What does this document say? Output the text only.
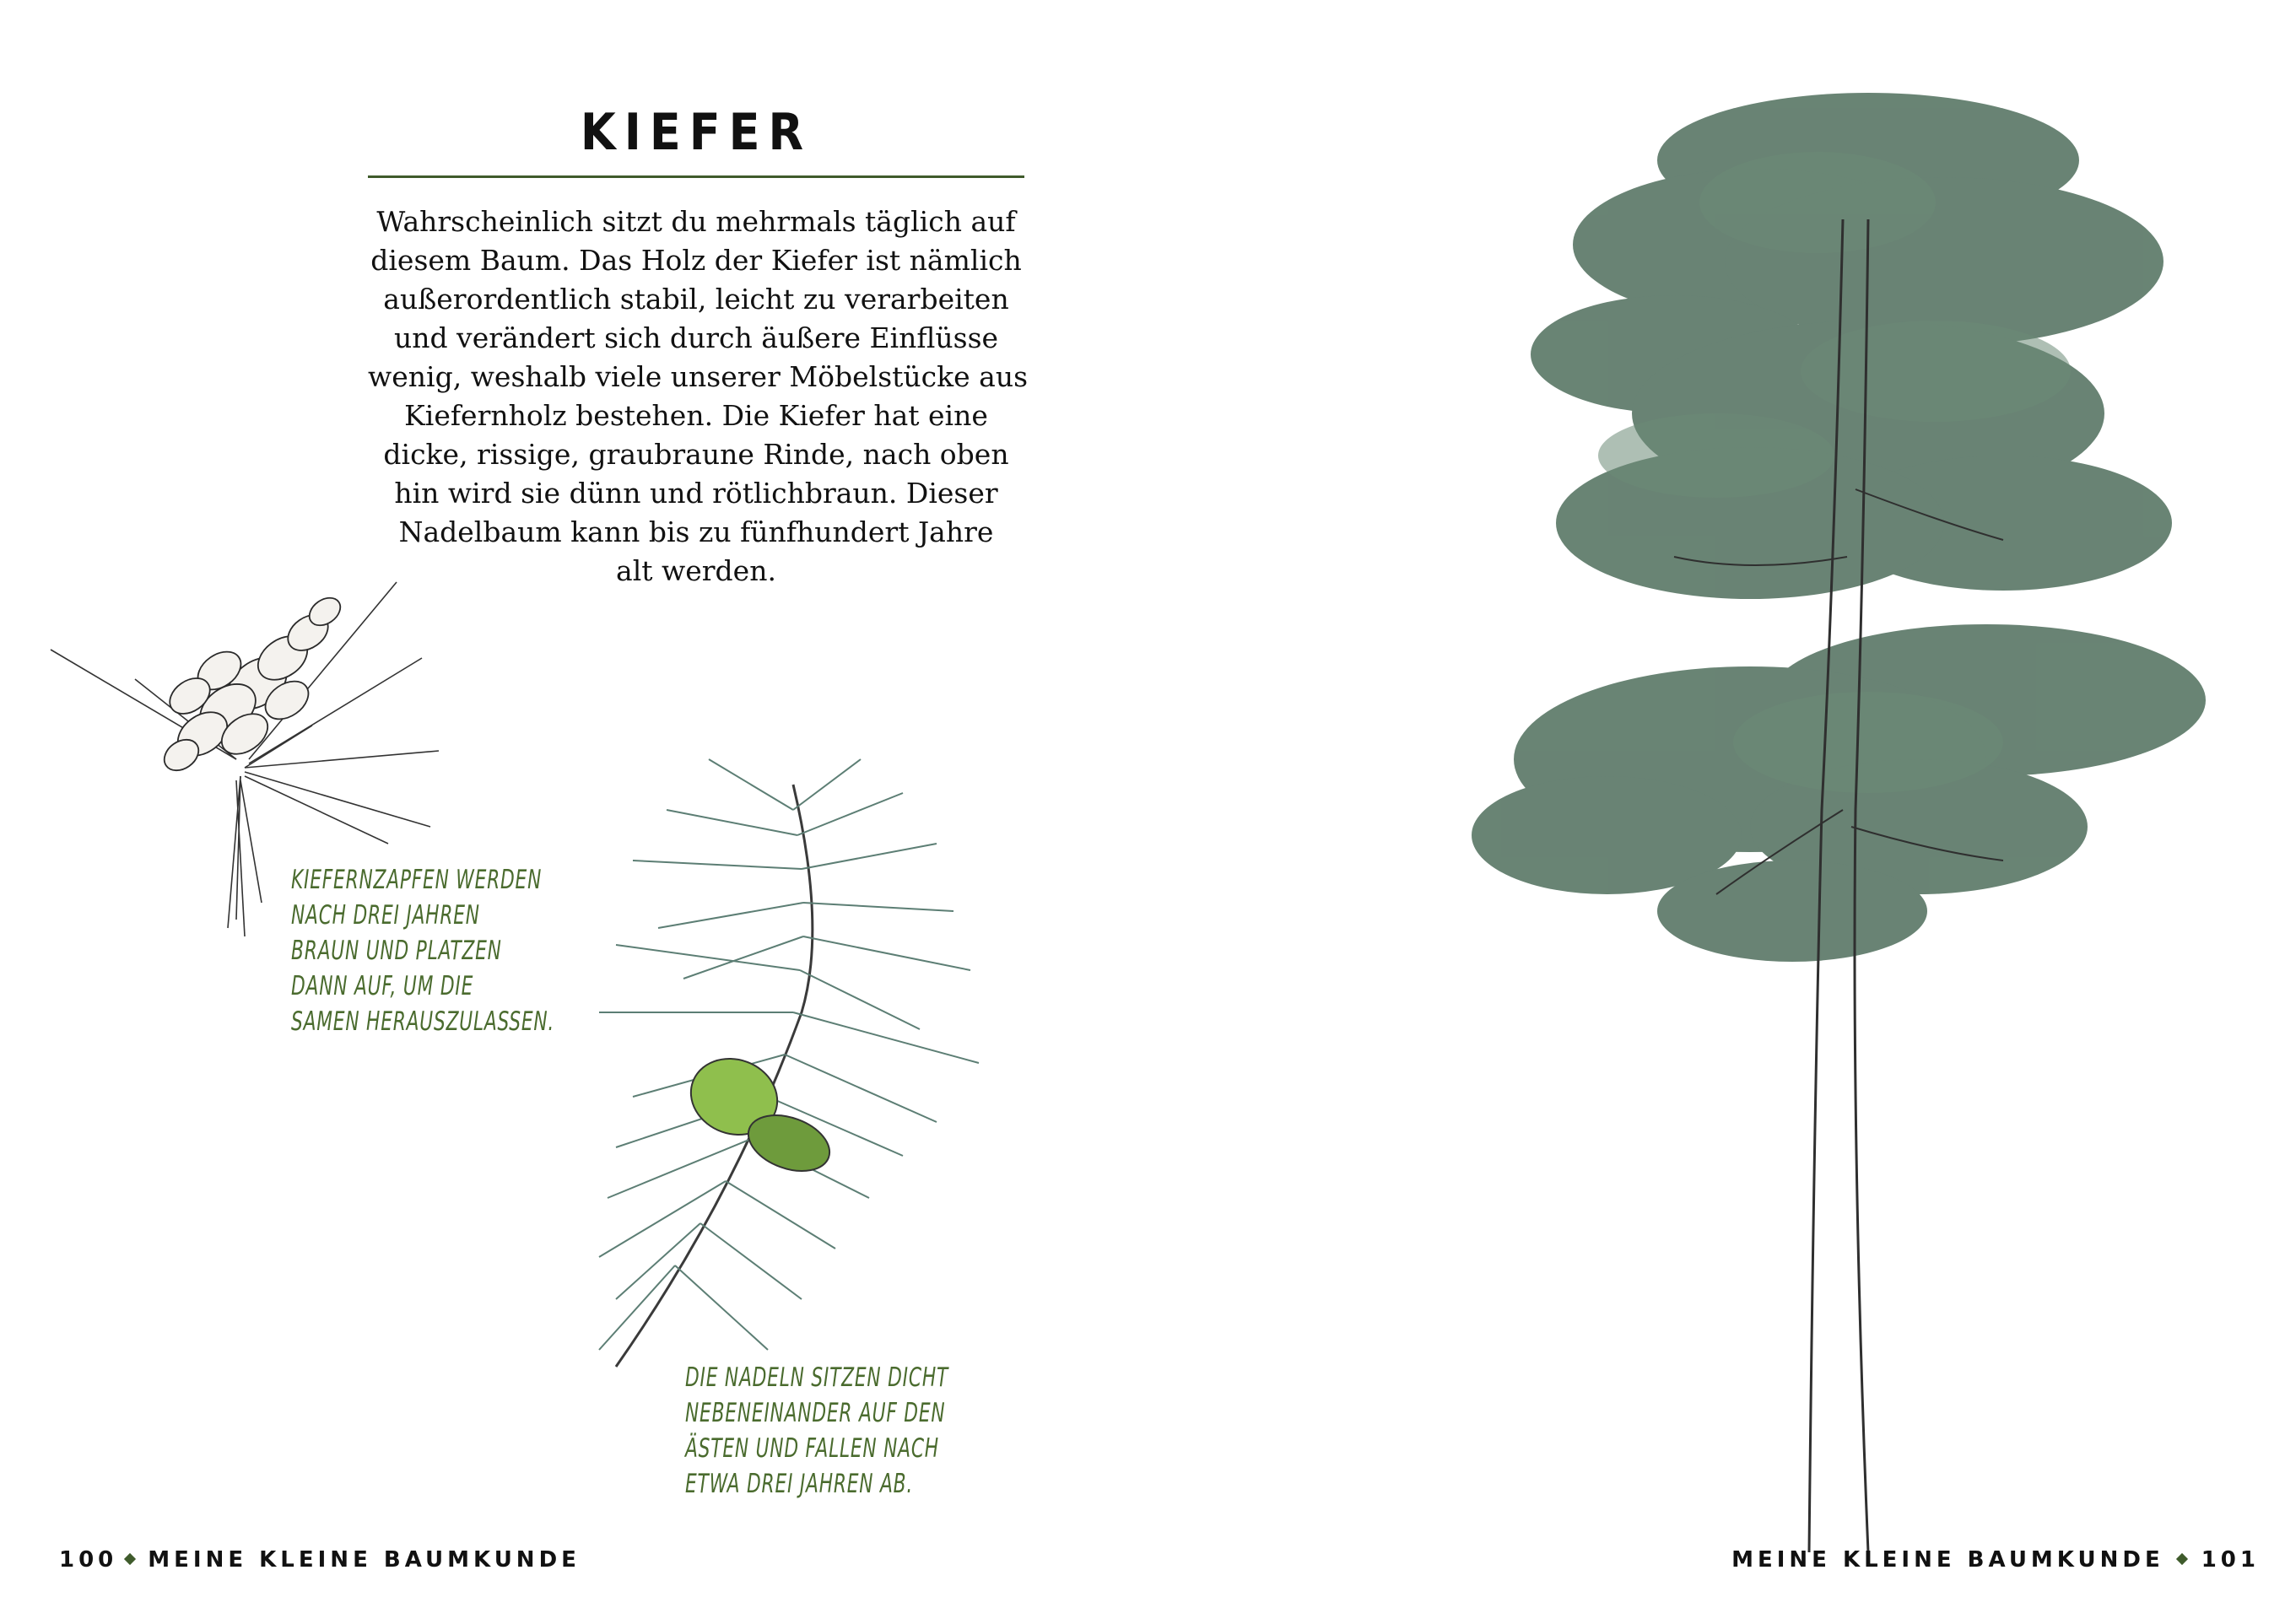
KIEFER
Wahrscheinlich sitzt du mehrmals täglich auf
diesem Baum. Das Holz der Kiefer ist nämlich
außerordentlich stabil, leicht zu verarbeiten
und verändert sich durch äußere Einflüsse
wenig, weshalb viele unserer Möbelstücke aus
Kiefernholz bestehen. Die Kiefer hat eine
dicke, rissige, graubraune Rinde, nach oben
hin wird sie dünn und rötlichbraun. Dieser
Nadelbaum kann bis zu fünfhundert Jahre
alt werden.
KIEFERNZAPFEN WERDEN
NACH DREI JAHREN
BRAUN UND PLATZEN
DANN AUF, UM DIE
SAMEN HERAUSZULASSEN.
DIE NADELN SITZEN DICHT
NEBENEINANDER AUF DEN
ÄSTEN UND FALLEN NACH
ETWA DREI JAHREN AB.
100 MEINE KLEINE BAUMKUNDE	MEINE KLEINE BAUMKUNDE 101
